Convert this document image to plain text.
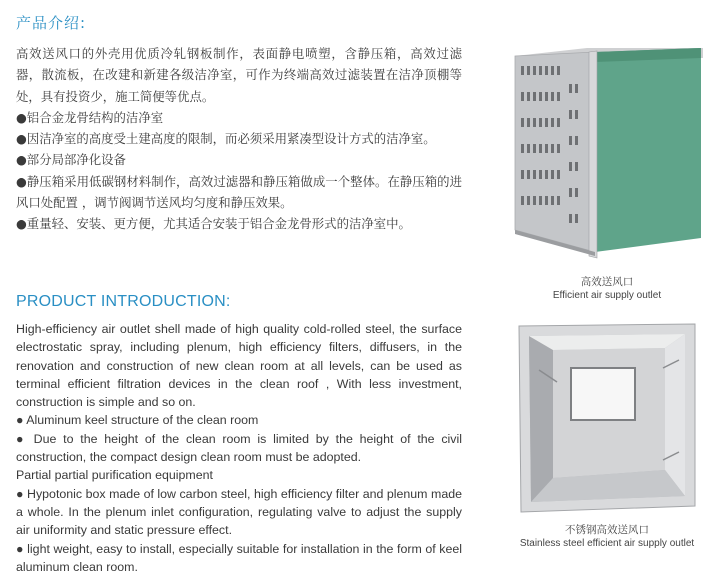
产品介绍:

高效送风口的外壳用优质冷轧钢板制作，表面静电喷塑，含静压箱，高效过滤器，散流板，在改建和新建各级洁净室，可作为终端高效过滤装置在洁净顶棚等处，具有投资少，施工简便等优点。

●铝合金龙骨结构的洁净室

●因洁净室的高度受土建高度的限制，而必须采用紧凑型设计方式的洁净室。

●部分局部净化设备

●静压箱采用低碳钢材料制作，高效过滤器和静压箱做成一个整体。在静压箱的进风口处配置 ，调节阀调节送风均匀度和静压效果。

●重量轻、安装、更方便，尤其适合安装于铝合金龙骨形式的洁净室中。

PRODUCT INTRODUCTION:

High-efficiency air outlet shell made of high quality cold-rolled steel, the surface electrostatic spray, including plenum, high efficiency filters, diffusers, in the renovation and construction of new clean room at all levels, can be used as terminal efficient filtration devices in the clean roof , With less investment, construction is simple and so on.

● Aluminum keel structure of the clean room

● Due to the height of the clean room is limited by the height of the civil construction, the compact design clean room must be adopted.

Partial partial purification equipment

● Hypotonic box made of low carbon steel, high efficiency filter and plenum made a whole. In the plenum inlet configuration, regulating valve to adjust the supply air uniformity and static pressure effect.

● light weight, easy to install, especially suitable for installation in the form of keel aluminum clean room.

高效送风口
Efficient air supply outlet
不锈钢高效送风口
Stainless steel efficient air supply outlet
